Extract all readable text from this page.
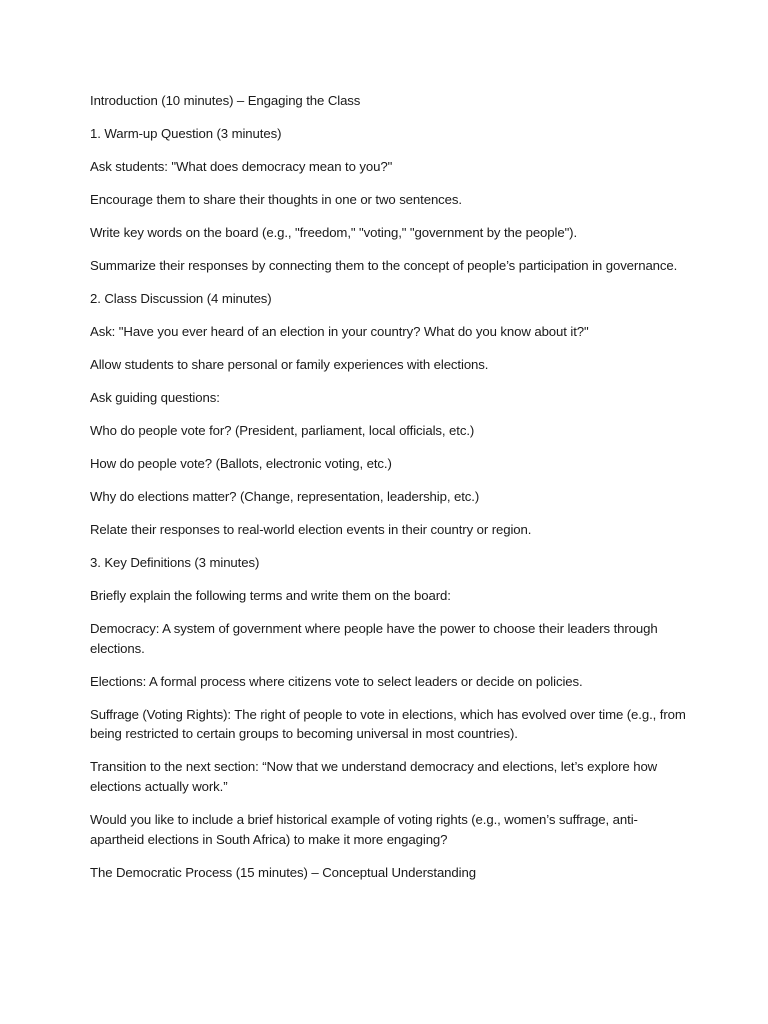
Introduction (10 minutes) – Engaging the Class

1. Warm-up Question (3 minutes)

Ask students: "What does democracy mean to you?"

Encourage them to share their thoughts in one or two sentences.

Write key words on the board (e.g., "freedom," "voting," "government by the people").

Summarize their responses by connecting them to the concept of people’s participation in governance.

2. Class Discussion (4 minutes)

Ask: "Have you ever heard of an election in your country? What do you know about it?"

Allow students to share personal or family experiences with elections.

Ask guiding questions:

Who do people vote for? (President, parliament, local officials, etc.)

How do people vote? (Ballots, electronic voting, etc.)

Why do elections matter? (Change, representation, leadership, etc.)

Relate their responses to real-world election events in their country or region.

3. Key Definitions (3 minutes)

Briefly explain the following terms and write them on the board:

Democracy: A system of government where people have the power to choose their leaders through elections.

Elections: A formal process where citizens vote to select leaders or decide on policies.

Suffrage (Voting Rights): The right of people to vote in elections, which has evolved over time (e.g., from being restricted to certain groups to becoming universal in most countries).

Transition to the next section: “Now that we understand democracy and elections, let’s explore how elections actually work.”

Would you like to include a brief historical example of voting rights (e.g., women’s suffrage, anti-apartheid elections in South Africa) to make it more engaging?

The Democratic Process (15 minutes) – Conceptual Understanding
